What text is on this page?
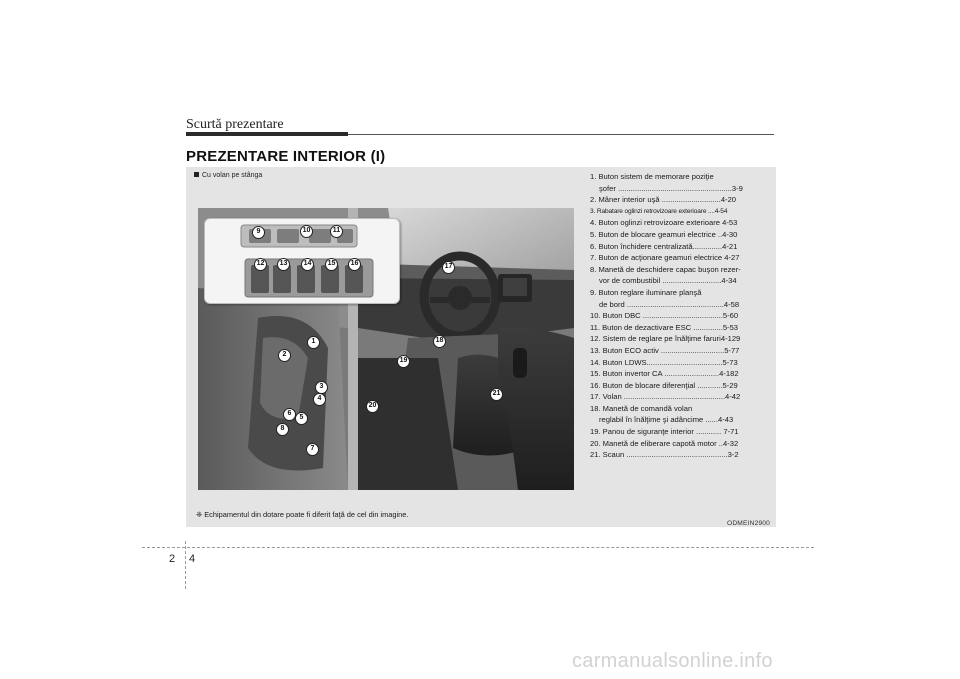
Scurtă prezentare
PREZENTARE INTERIOR (I)
Cu volan pe stânga
9	10	11
12	13	14	15	16	17
18
19
20
21
1
2
3
4
6
5
8
7
1. Buton sistem de memorare poziţie
şofer ......................................................3-9
2. Mâner interior uşă ............................4-20
3. Rabatare oglinzi retrovizoare exterioare ....4-54
4. Buton oglinzi retrovizoare exterioare 4-53
5. Buton de blocare geamuri electrice ..4-30
6. Buton închidere centralizată..............4-21
7. Buton de acţionare geamuri electrice 4-27
8. Manetă de deschidere capac buşon rezer-
vor de combustibil ............................4-34
9. Buton reglare iluminare planşă
de bord ..............................................4-58
10. Buton DBC ......................................5-60
11. Buton de dezactivare ESC ..............5-53
12. Sistem de reglare pe înălţime faruri4-129
13. Buton ECO activ ..............................5-77
14. Buton LDWS....................................5-73
15. Buton invertor CA ..........................4-182
16. Buton de blocare diferenţial ............5-29
17. Volan ................................................4-42
18. Manetă de comandă volan
reglabil în înălţime şi adâncime ......4-43
19. Panou de siguranţe interior ............ 7-71
20. Manetă de eliberare capotă motor ..4-32
21. Scaun ................................................3-2
❈ Echipamentul din dotare poate fi diferit faţă de cel din imagine.
ODMEIN2900
2 4
carmanualsonline.info
